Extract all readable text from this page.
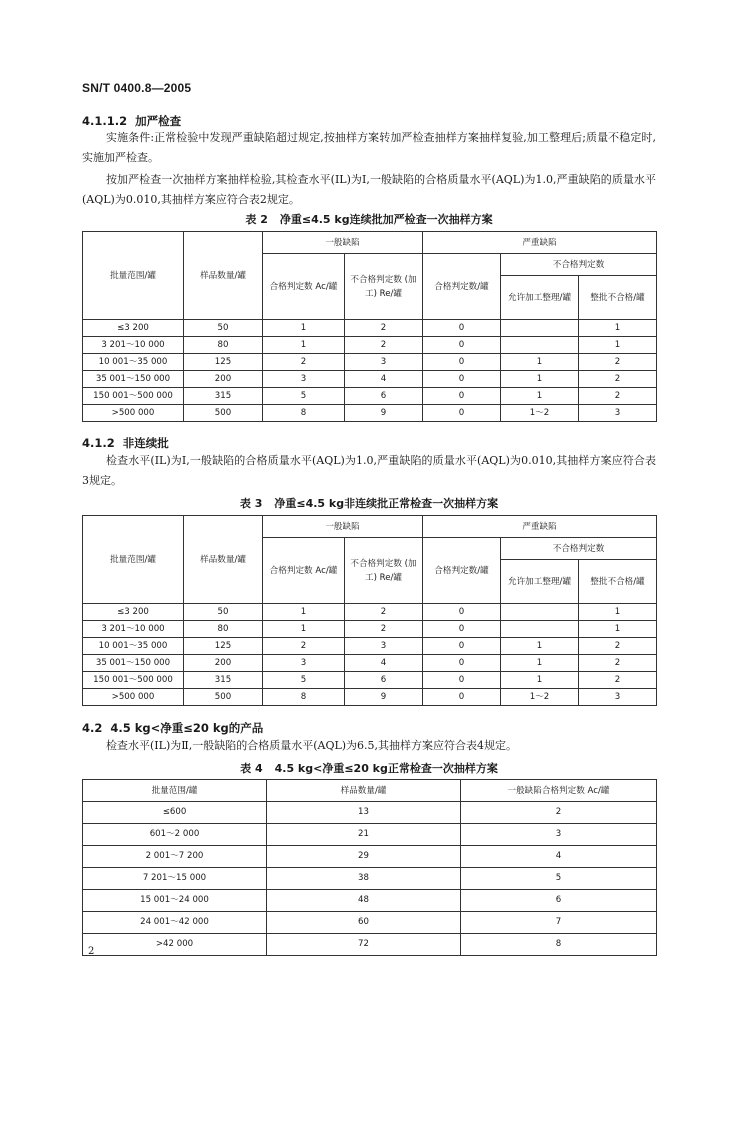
SN/T 0400.8—2005
4.1.1.2 加严检查

实施条件:正常检验中发现严重缺陷超过规定,按抽样方案转加严检查抽样方案抽样复验,加工整理后;质量不稳定时,实施加严检查。

按加严检查一次抽样方案抽样检验,其检查水平(IL)为Ⅰ,一般缺陷的合格质量水平(AQL)为1.0,严重缺陷的质量水平(AQL)为0.010,其抽样方案应符合表2规定。

表 2 净重≤4.5 kg连续批加严检查一次抽样方案
批量范围/罐	样品数量/罐	一般缺陷		严重缺陷		
		合格判定数 Ac/罐	不合格判定数 (加工) Re/罐	合格判定数/罐	不合格判定数	
					允许加工整理/罐	整批不合格/罐
≤3 200	50	1	2	0		1
3 201～10 000	80	1	2	0		1
10 001～35 000	125	2	3	0	1	2
35 001～150 000	200	3	4	0	1	2
150 001～500 000	315	5	6	0	1	2
>500 000	500	8	9	0	1～2	3
4.1.2 非连续批

检查水平(IL)为Ⅰ,一般缺陷的合格质量水平(AQL)为1.0,严重缺陷的质量水平(AQL)为0.010,其抽样方案应符合表3规定。

表 3 净重≤4.5 kg非连续批正常检查一次抽样方案
批量范围/罐	样品数量/罐	一般缺陷		严重缺陷		
		合格判定数 Ac/罐	不合格判定数 (加工) Re/罐	合格判定数/罐	不合格判定数	
					允许加工整理/罐	整批不合格/罐
≤3 200	50	1	2	0		1
3 201～10 000	80	1	2	0		1
10 001～35 000	125	2	3	0	1	2
35 001～150 000	200	3	4	0	1	2
150 001～500 000	315	5	6	0	1	2
>500 000	500	8	9	0	1～2	3
4.2 4.5 kg<净重≤20 kg的产品

检查水平(IL)为Ⅱ,一般缺陷的合格质量水平(AQL)为6.5,其抽样方案应符合表4规定。

表 4 4.5 kg<净重≤20 kg正常检查一次抽样方案
批量范围/罐	样品数量/罐	一般缺陷合格判定数 Ac/罐
≤600	13	2
601～2 000	21	3
2 001～7 200	29	4
7 201～15 000	38	5
15 001～24 000	48	6
24 001～42 000	60	7
>42 000	72	8
2
